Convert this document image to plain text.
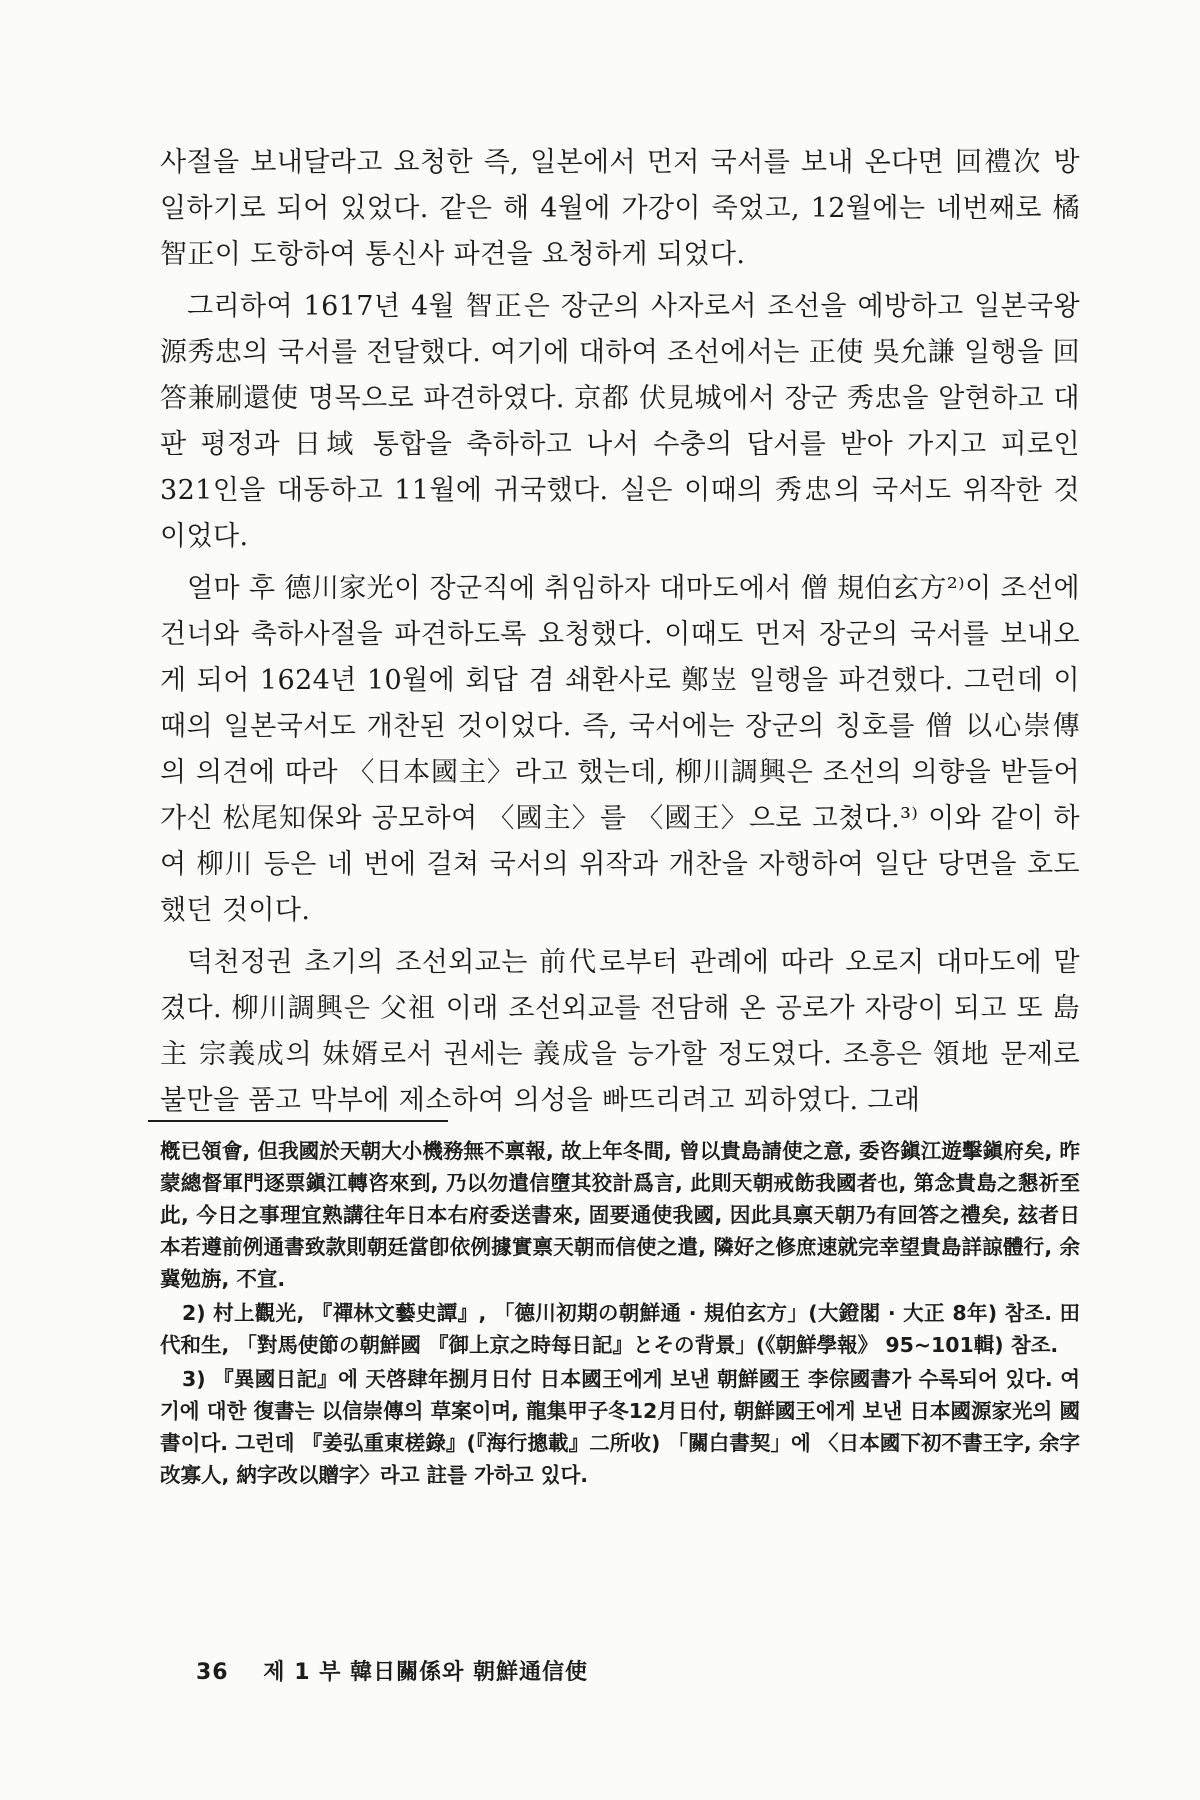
사절을 보내달라고 요청한 즉, 일본에서 먼저 국서를 보내 온다면 回禮次 방일하기로 되어 있었다. 같은 해 4월에 가강이 죽었고, 12월에는 네번째로 橘智正이 도항하여 통신사 파견을 요청하게 되었다.

그리하여 1617년 4월 智正은 장군의 사자로서 조선을 예방하고 일본국왕 源秀忠의 국서를 전달했다. 여기에 대하여 조선에서는 正使 吳允謙 일행을 回答兼刷還使 명목으로 파견하였다. 京都 伏見城에서 장군 秀忠을 알현하고 대판 평정과 日域 통합을 축하하고 나서 수충의 답서를 받아 가지고 피로인 321인을 대동하고 11월에 귀국했다. 실은 이때의 秀忠의 국서도 위작한 것이었다.

얼마 후 德川家光이 장군직에 취임하자 대마도에서 僧 規伯玄方²⁾이 조선에 건너와 축하사절을 파견하도록 요청했다. 이때도 먼저 장군의 국서를 보내오게 되어 1624년 10월에 회답 겸 쇄환사로 鄭岦 일행을 파견했다. 그런데 이때의 일본국서도 개찬된 것이었다. 즉, 국서에는 장군의 칭호를 僧 以心崇傳의 의견에 따라 〈日本國主〉라고 했는데, 柳川調興은 조선의 의향을 받들어 가신 松尾知保와 공모하여 〈國主〉를 〈國王〉으로 고쳤다.³⁾ 이와 같이 하여 柳川 등은 네 번에 걸쳐 국서의 위작과 개찬을 자행하여 일단 당면을 호도했던 것이다.

덕천정권 초기의 조선외교는 前代로부터 관례에 따라 오로지 대마도에 맡겼다. 柳川調興은 父祖 이래 조선외교를 전담해 온 공로가 자랑이 되고 또 島主 宗義成의 妹婿로서 권세는 義成을 능가할 정도였다. 조흥은 領地 문제로 불만을 품고 막부에 제소하여 의성을 빠뜨리려고 꾀하였다. 그래

槪已領會, 但我國於天朝大小機務無不禀報, 故上年冬間, 曾以貴島請使之意, 委咨鎭江遊擊鎭府矣, 昨蒙總督軍門逐票鎭江轉咨來到, 乃以勿遣信墮其狡計爲言, 此則天朝戒飭我國者也, 第念貴島之懇祈至此, 今日之事理宜熟講往年日本右府委送書來, 固要通使我國, 因此具禀天朝乃有回答之禮矣, 玆者日本若遵前例通書致款則朝廷當卽依例據實禀天朝而信使之遣, 隣好之修庶速就完幸望貴島詳諒體行, 余冀勉旃, 不宣.

2) 村上觀光, 『禪林文藝史譚』, 「德川初期の朝鮮通 · 規伯玄方」(大鐙閣 · 大正 8年) 참조. 田代和生, 「對馬使節の朝鮮國 『御上京之時每日記』とその背景」(《朝鮮學報》 95~101輯) 참조.

3) 『異國日記』에 天啓肆年捌月日付 日本國王에게 보낸 朝鮮國王 李倧國書가 수록되어 있다. 여기에 대한 復書는 以信崇傳의 草案이며, 龍集甲子冬12月日付, 朝鮮國王에게 보낸 日本國源家光의 國書이다. 그런데 『姜弘重東槎錄』(『海行摠載』二所收) 「關白書契」에 〈日本國下初不書王字, 余字改寡人, 納字改以贈字〉라고 註를 가하고 있다.

36 제 1 부 韓日關係와 朝鮮通信使
